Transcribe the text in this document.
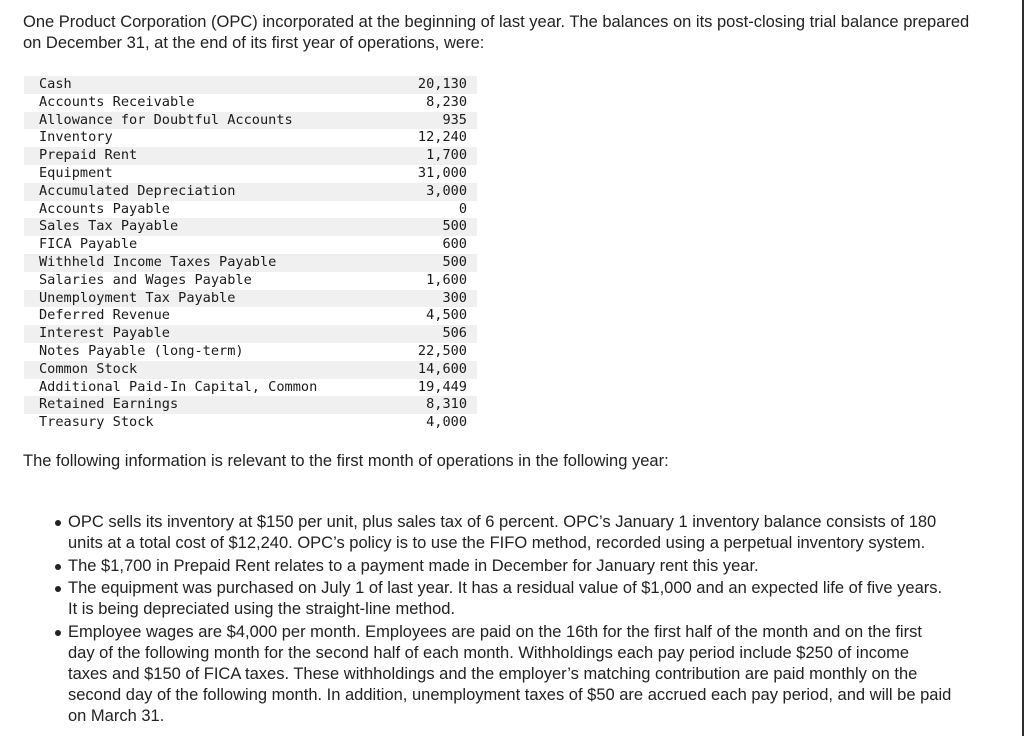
One Product Corporation (OPC) incorporated at the beginning of last year. The balances on its post-closing trial balance prepared on December 31, at the end of its first year of operations, were:

Cash	20,130
Accounts Receivable	8,230
Allowance for Doubtful Accounts	935
Inventory	12,240
Prepaid Rent	1,700
Equipment	31,000
Accumulated Depreciation	3,000
Accounts Payable	0
Sales Tax Payable	500
FICA Payable	600
Withheld Income Taxes Payable	500
Salaries and Wages Payable	1,600
Unemployment Tax Payable	300
Deferred Revenue	4,500
Interest Payable	506
Notes Payable (long-term)	22,500
Common Stock	14,600
Additional Paid-In Capital, Common	19,449
Retained Earnings	8,310
Treasury Stock	4,000

The following information is relevant to the first month of operations in the following year:

OPC sells its inventory at $150 per unit, plus sales tax of 6 percent. OPC’s January 1 inventory balance consists of 180 units at a total cost of $12,240. OPC’s policy is to use the FIFO method, recorded using a perpetual inventory system.
The $1,700 in Prepaid Rent relates to a payment made in December for January rent this year.
The equipment was purchased on July 1 of last year. It has a residual value of $1,000 and an expected life of five years. It is being depreciated using the straight-line method.
Employee wages are $4,000 per month. Employees are paid on the 16th for the first half of the month and on the first day of the following month for the second half of each month. Withholdings each pay period include $250 of income taxes and $150 of FICA taxes. These withholdings and the employer’s matching contribution are paid monthly on the second day of the following month. In addition, unemployment taxes of $50 are accrued each pay period, and will be paid on March 31.
